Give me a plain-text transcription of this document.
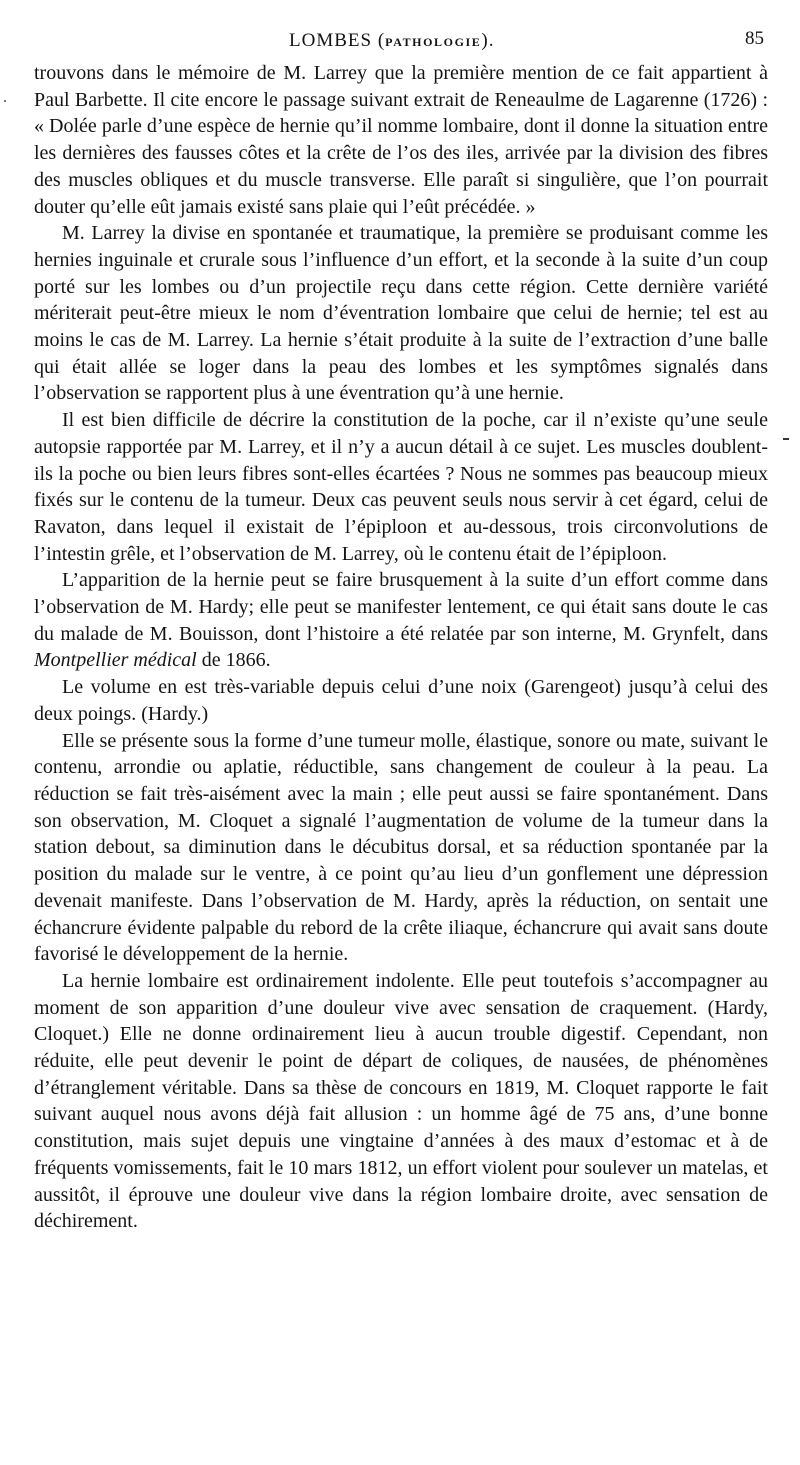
LOMBES (PATHOLOGIE).	85

trouvons dans le mémoire de M. Larrey que la première mention de ce fait appartient à Paul Barbette. Il cite encore le passage suivant extrait de Reneaulme de Lagarenne (1726) : « Dolée parle d’une espèce de hernie qu’il nomme lombaire, dont il donne la situation entre les dernières des fausses côtes et la crête de l’os des iles, arrivée par la division des fibres des muscles obliques et du muscle transverse. Elle paraît si singulière, que l’on pourrait douter qu’elle eût jamais existé sans plaie qui l’eût précédée. »

M. Larrey la divise en spontanée et traumatique, la première se produisant comme les hernies inguinale et crurale sous l’influence d’un effort, et la seconde à la suite d’un coup porté sur les lombes ou d’un projectile reçu dans cette région. Cette dernière variété mériterait peut-être mieux le nom d’éventration lombaire que celui de hernie; tel est au moins le cas de M. Larrey. La hernie s’était produite à la suite de l’extraction d’une balle qui était allée se loger dans la peau des lombes et les symptômes signalés dans l’observation se rapportent plus à une éventration qu’à une hernie.

Il est bien difficile de décrire la constitution de la poche, car il n’existe qu’une seule autopsie rapportée par M. Larrey, et il n’y a aucun détail à ce sujet. Les muscles doublent-ils la poche ou bien leurs fibres sont-elles écartées ? Nous ne sommes pas beaucoup mieux fixés sur le contenu de la tumeur. Deux cas peuvent seuls nous servir à cet égard, celui de Ravaton, dans lequel il existait de l’épiploon et au-dessous, trois circonvolutions de l’intestin grêle, et l’observation de M. Larrey, où le contenu était de l’épiploon.

L’apparition de la hernie peut se faire brusquement à la suite d’un effort comme dans l’observation de M. Hardy; elle peut se manifester lentement, ce qui était sans doute le cas du malade de M. Bouisson, dont l’histoire a été relatée par son interne, M. Grynfelt, dans Montpellier médical de 1866.

Le volume en est très-variable depuis celui d’une noix (Garengeot) jusqu’à celui des deux poings. (Hardy.)

Elle se présente sous la forme d’une tumeur molle, élastique, sonore ou mate, suivant le contenu, arrondie ou aplatie, réductible, sans changement de couleur à la peau. La réduction se fait très-aisément avec la main ; elle peut aussi se faire spontanément. Dans son observation, M. Cloquet a signalé l’augmentation de volume de la tumeur dans la station debout, sa diminution dans le décubitus dorsal, et sa réduction spontanée par la position du malade sur le ventre, à ce point qu’au lieu d’un gonflement une dépression devenait manifeste. Dans l’observation de M. Hardy, après la réduction, on sentait une échancrure évidente palpable du rebord de la crête iliaque, échancrure qui avait sans doute favorisé le développement de la hernie.

La hernie lombaire est ordinairement indolente. Elle peut toutefois s’accompagner au moment de son apparition d’une douleur vive avec sensation de craquement. (Hardy, Cloquet.) Elle ne donne ordinairement lieu à aucun trouble digestif. Cependant, non réduite, elle peut devenir le point de départ de coliques, de nausées, de phénomènes d’étranglement véritable. Dans sa thèse de concours en 1819, M. Cloquet rapporte le fait suivant auquel nous avons déjà fait allusion : un homme âgé de 75 ans, d’une bonne constitution, mais sujet depuis une vingtaine d’années à des maux d’estomac et à de fréquents vomissements, fait le 10 mars 1812, un effort violent pour soulever un matelas, et aussitôt, il éprouve une douleur vive dans la région lombaire droite, avec sensation de déchirement.
